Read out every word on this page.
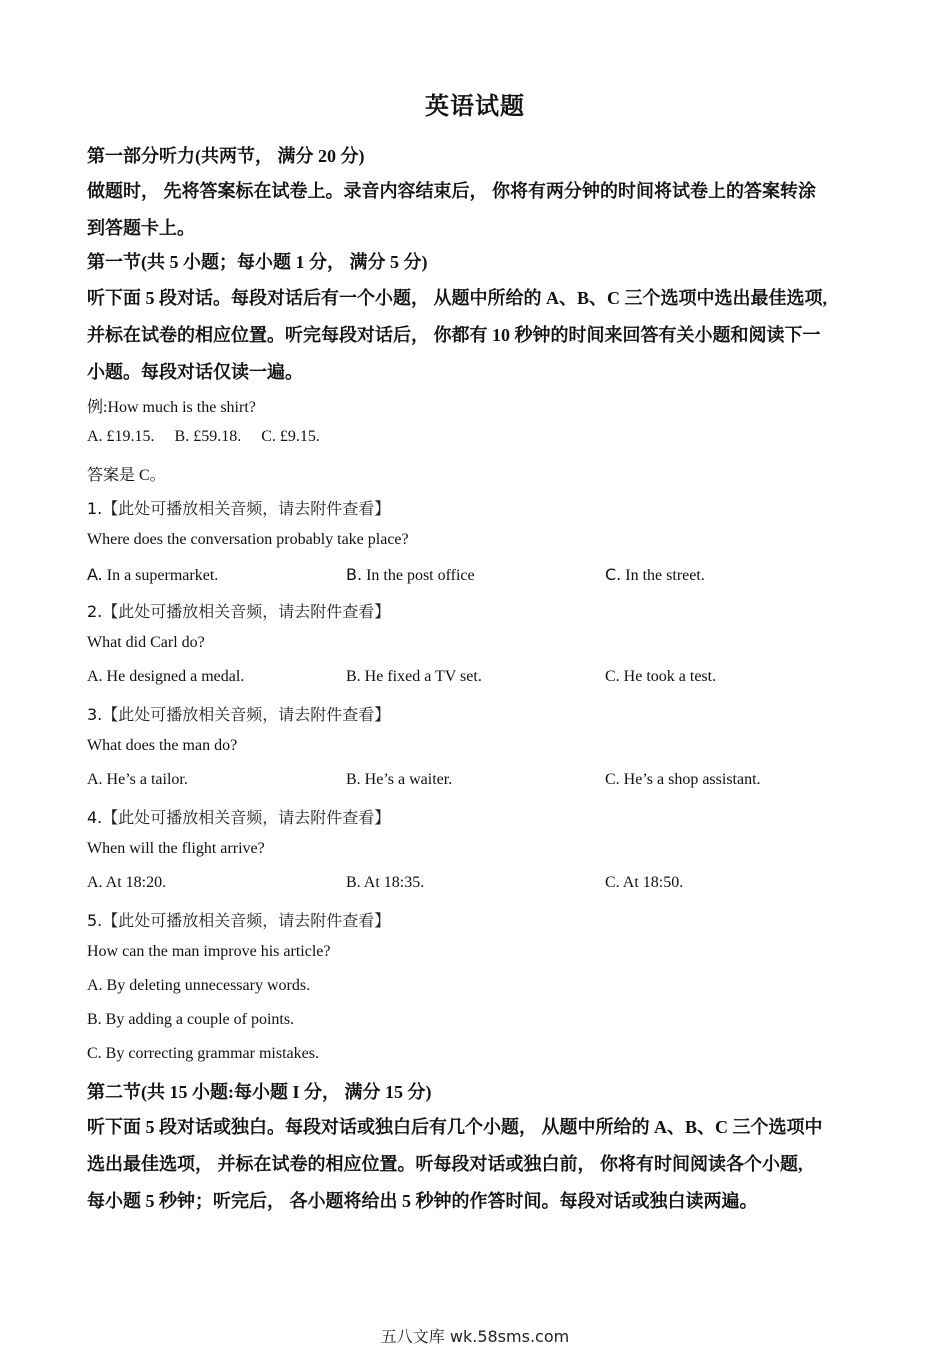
英语试题
第一部分听力(共两节， 满分 20 分)
做题时， 先将答案标在试卷上。录音内容结束后， 你将有两分钟的时间将试卷上的答案转涂
到答题卡上。
第一节(共 5 小题；每小题 1 分， 满分 5 分)
听下面 5 段对话。每段对话后有一个小题， 从题中所给的 A、B、C 三个选项中选出最佳选项,
并标在试卷的相应位置。听完每段对话后， 你都有 10 秒钟的时间来回答有关小题和阅读下一
小题。每段对话仅读一遍。
例:How much is the shirt?
A. £19.15.     B. £59.18.     C. £9.15.
答案是 C。
1.【此处可播放相关音频，请去附件查看】
Where does the conversation probably take place?
A. In a supermarket.	B. In the post office	C. In the street.
2.【此处可播放相关音频，请去附件查看】
What did Carl do?
A. He designed a medal.	B. He fixed a TV set.	C. He took a test.
3.【此处可播放相关音频，请去附件查看】
What does the man do?
A. He’s a tailor.	B. He’s a waiter.	C. He’s a shop assistant.
4.【此处可播放相关音频，请去附件查看】
When will the flight arrive?
A. At 18:20.	B. At 18:35.	C. At 18:50.
5.【此处可播放相关音频，请去附件查看】
How can the man improve his article?
A. By deleting unnecessary words.
B. By adding a couple of points.
C. By correcting grammar mistakes.
第二节(共 15 小题:每小题 I 分， 满分 15 分)
听下面 5 段对话或独白。每段对话或独白后有几个小题， 从题中所给的 A、B、C 三个选项中
选出最佳选项， 并标在试卷的相应位置。听每段对话或独白前， 你将有时间阅读各个小题,
每小题 5 秒钟；听完后， 各小题将给出 5 秒钟的作答时间。每段对话或独白读两遍。
五八文库 wk.58sms.com
